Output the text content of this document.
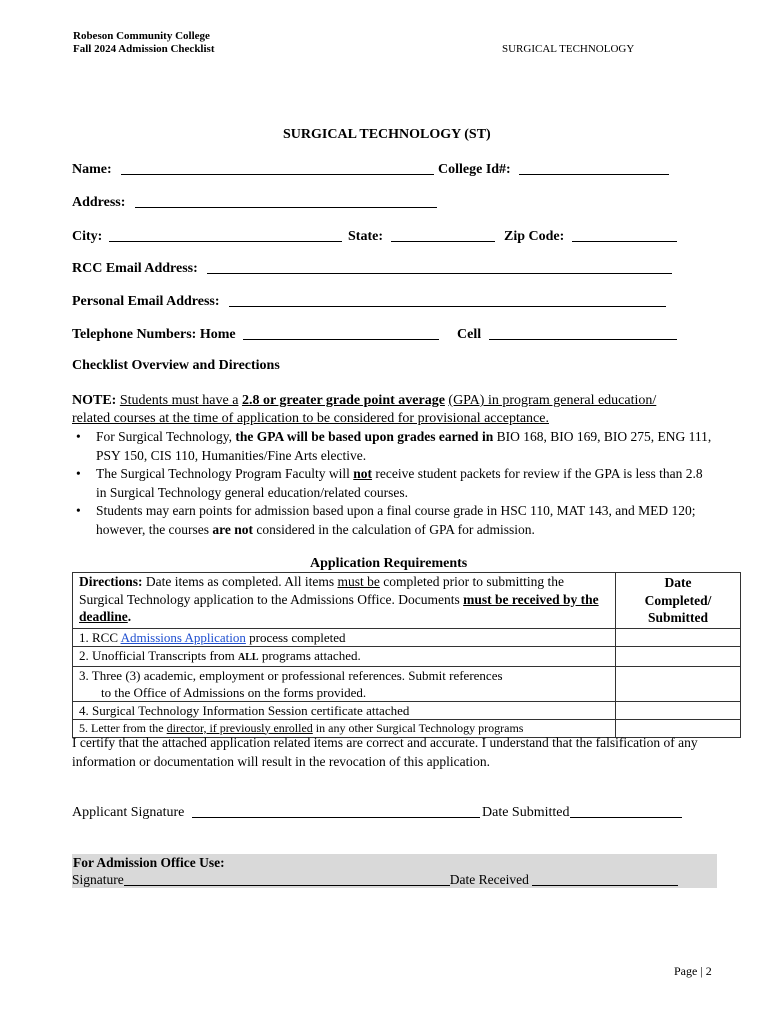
Robeson Community College
Fall 2024 Admission Checklist	SURGICAL TECHNOLOGY
SURGICAL TECHNOLOGY (ST)
Name:	College Id#:
Address:
City:	State:	Zip Code:
RCC Email Address:
Personal Email Address:
Telephone Numbers: Home	Cell
Checklist Overview and Directions
NOTE: Students must have a 2.8 or greater grade point average (GPA) in program general education/
related courses at the time of application to be considered for provisional acceptance.
• For Surgical Technology, the GPA will be based upon grades earned in BIO 168, BIO 169, BIO 275, ENG 111, PSY 150, CIS 110, Humanities/Fine Arts elective.
• The Surgical Technology Program Faculty will not receive student packets for review if the GPA is less than 2.8 in Surgical Technology general education/related courses.
• Students may earn points for admission based upon a final course grade in HSC 110, MAT 143, and MED 120; however, the courses are not considered in the calculation of GPA for admission.
Application Requirements
Directions: Date items as completed. All items must be completed prior to submitting the Surgical Technology application to the Admissions Office. Documents must be received by the deadline.	Date
Completed/
Submitted

1. RCC Admissions Application process completed	
2. Unofficial Transcripts from ALL programs attached.	

3. Three (3) academic, employment or professional references. Submit references
to the Office of Admissions on the forms provided.	

4. Surgical Technology Information Session certificate attached	
5. Letter from the director, if previously enrolled in any other Surgical Technology programs	
I certify that the attached application related items are correct and accurate. I understand that the falsification of any information or documentation will result in the revocation of this application.
Applicant Signature	Date Submitted
For Admission Office Use:
Signature	Date Received
Page | 2
